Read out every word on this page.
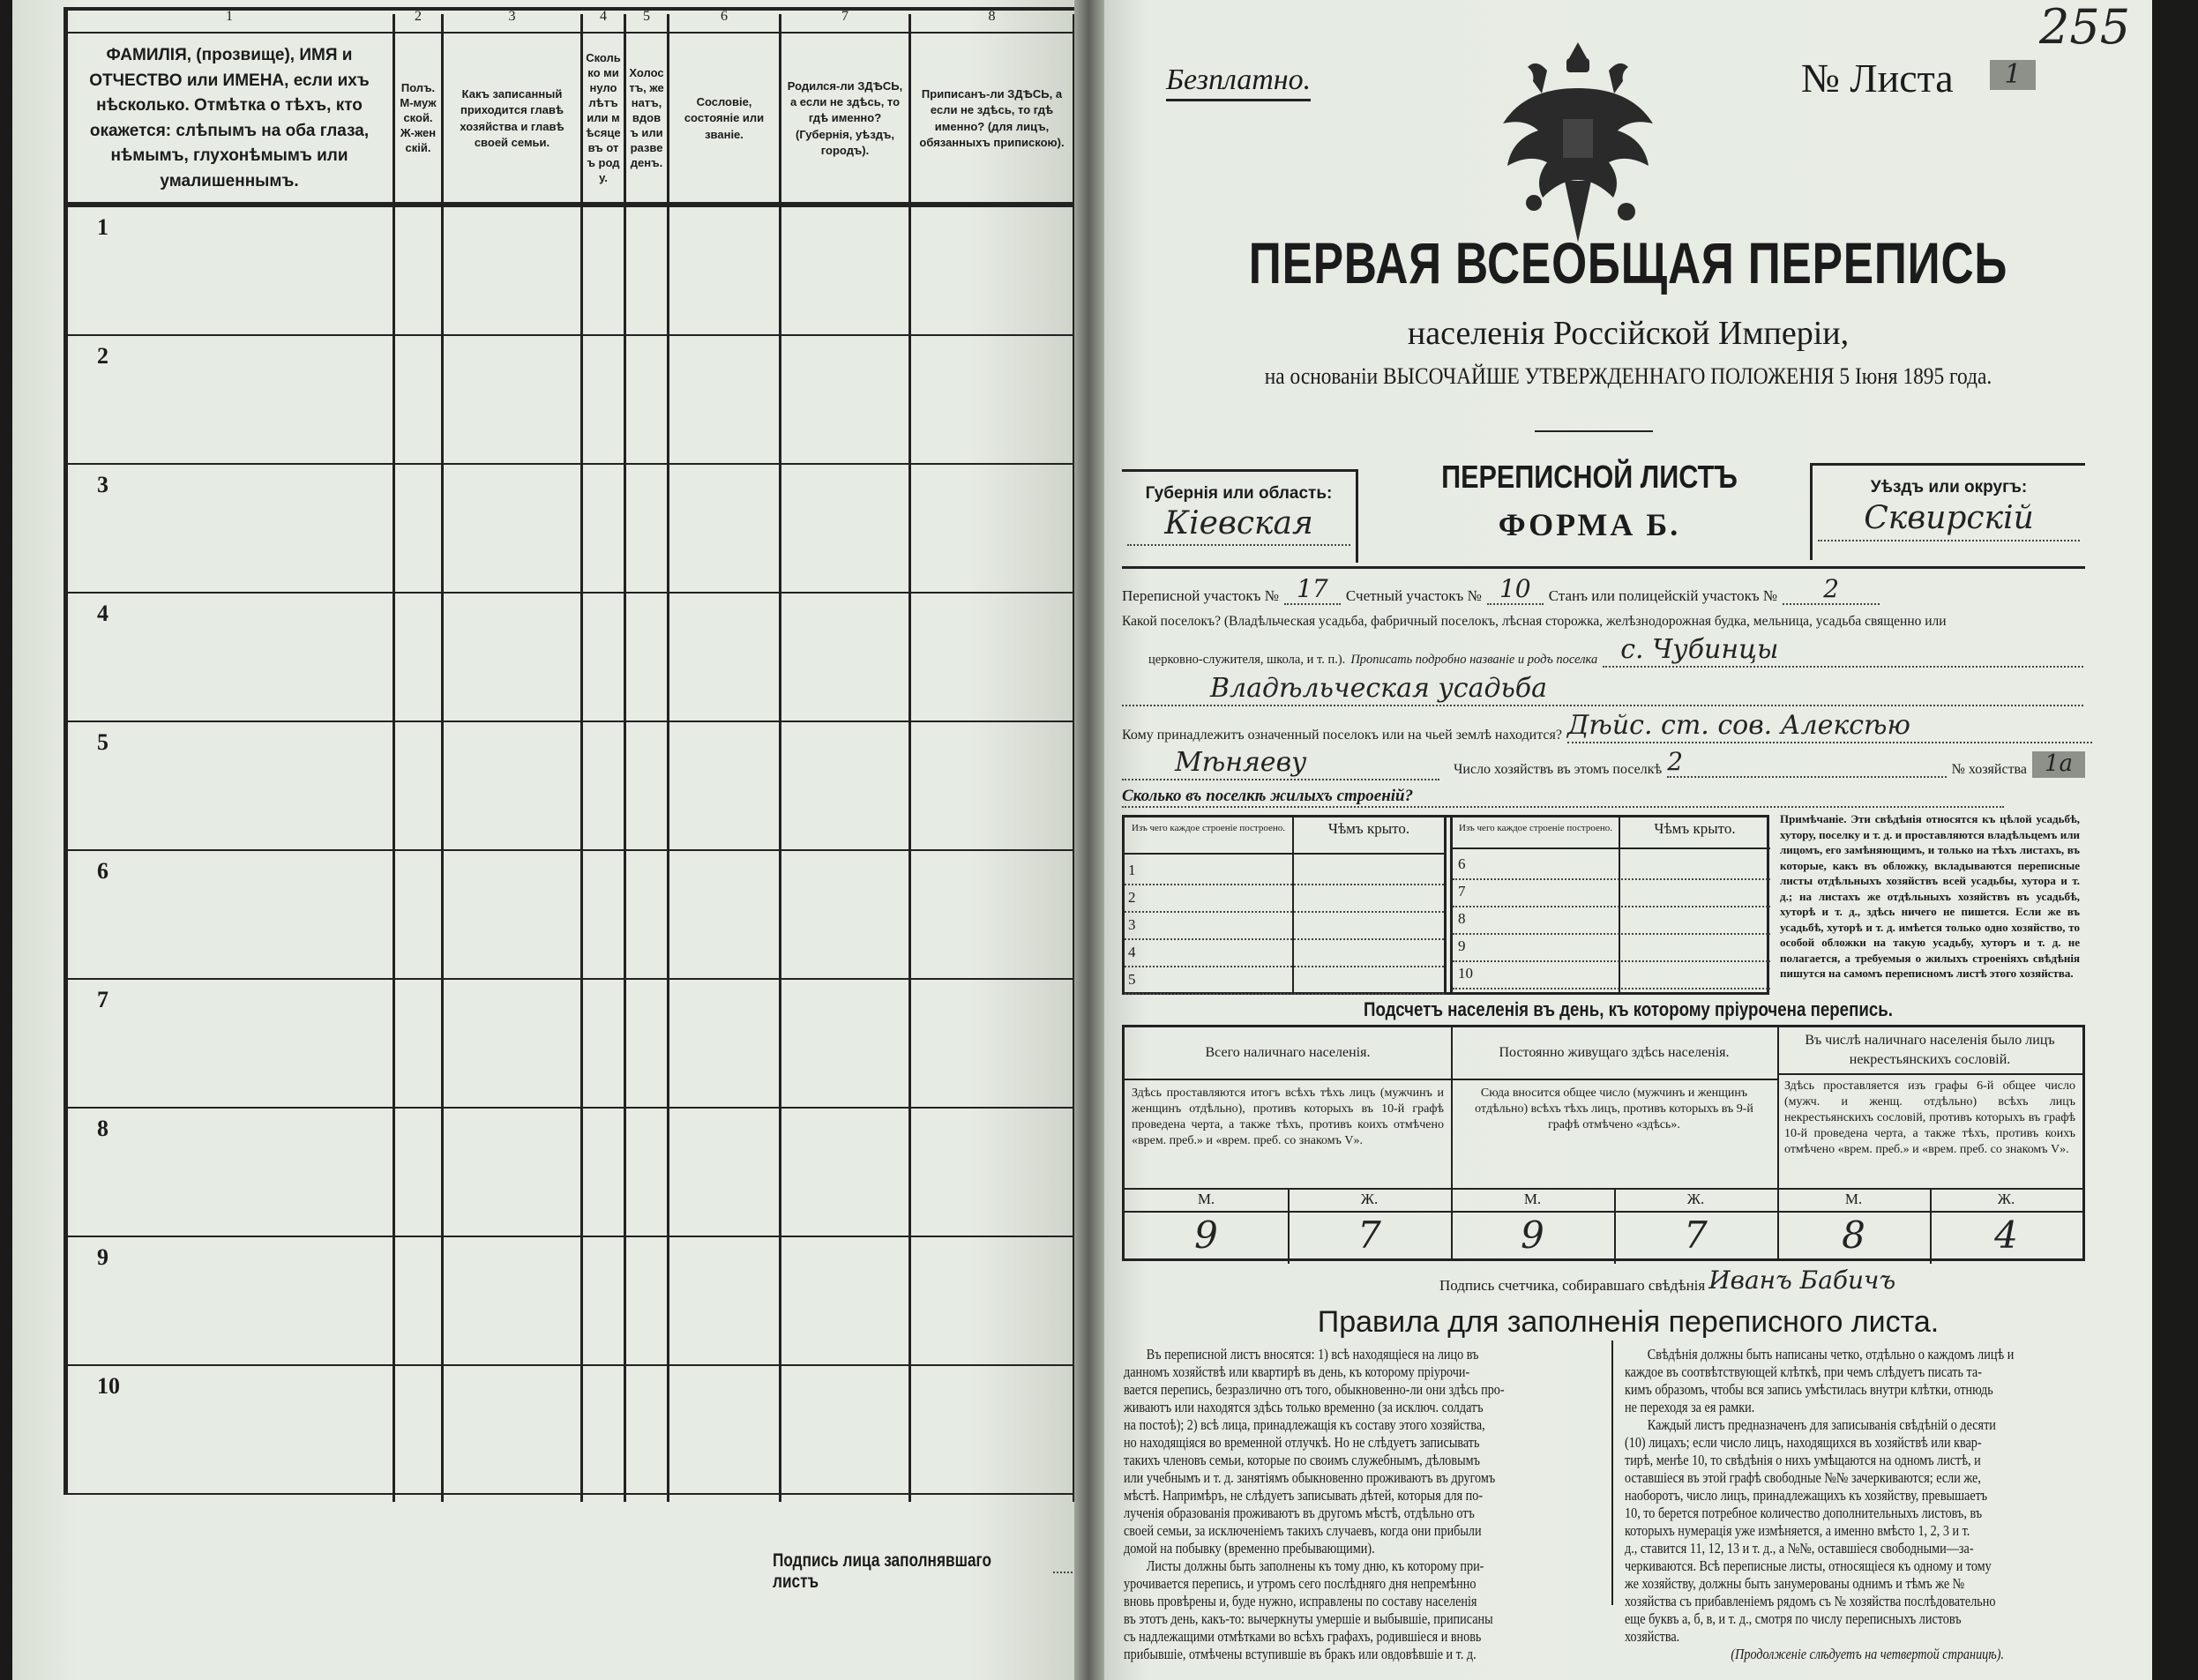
1
ФАМИЛІЯ, (прозвище), ИМЯ и ОТЧЕСТВО или ИМЕНА, если ихъ нѣсколько. Отмѣтка о тѣхъ, кто окажется: слѣпымъ на оба глаза, нѣмымъ, глухонѣмымъ или умалишеннымъ.
2
Полъ. М-мужской. Ж-женскій.
3
Какъ записанный приходится главѣ хозяйства и главѣ своей семьи.
4
Сколько минуло лѣтъ или мѣсяцевъ отъ роду.
5
Холостъ, женатъ, вдовъ или разведенъ.
6
Сословіе, состояніе или званіе.
7
Родился-ли ЗДѢСЬ, а если не здѣсь, то гдѣ именно? (Губернія, уѣздъ, городъ).
8
Приписанъ-ли ЗДѢСЬ, а если не здѣсь, то гдѣ именно? (для лицъ, обязанныхъ припискою).
1
2
3
4
5
6
7
8
9
10
Подпись лица заполнявшаго листъ
255
Безплатно.	№ Листа	1
ПЕРВАЯ ВСЕОБЩАЯ ПЕРЕПИСЬ
населенія Россійской Имперіи,
на основаніи ВЫСОЧАЙШЕ УТВЕРЖДЕННАГО ПОЛОЖЕНІЯ 5 Іюня 1895 года.
Губернія или область:
Кіевская
ПЕРЕПИСНОЙ ЛИСТЪ
ФОРМА Б.
Уѣздъ или округъ:
Сквирскій
Переписной участокъ № 17	Счетный участокъ № 10	Станъ или полицейскій участокъ №	2
Какой поселокъ? (Владѣльческая усадьба, фабричный поселокъ, лѣсная сторожка, желѣзнодорожная будка, мельница, усадьба священно или
церковно-служителя, школа, и т. п.). Прописать подробно названіе и родъ поселка с. Чубинцы
Владѣльческая усадьба
Кому принадлежитъ означенный поселокъ или на чьей землѣ находится? Дѣйс. ст. сов. Алексѣю
Мѣняеву	Число хозяйствъ въ этомъ поселкѣ 2	№ хозяйства 1а
Сколько въ поселкѣ жилыхъ строеній?
Изъ чего каждое строеніе построено.	Чѣмъ крыто.	Изъ чего каждое строеніе построено.	Чѣмъ крыто.
1	6
2	7
3	8
4	9
5	10
Примѣчаніе. Эти свѣдѣнія относятся къ цѣлой усадьбѣ, хутору, поселку и т. д. и проставляются владѣльцемъ или лицомъ, его замѣняющимъ, и только на тѣхъ листахъ, въ которые, какъ въ обложку, вкладываются переписные листы отдѣльныхъ хозяйствъ всей усадьбы, хутора и т. д.; на листахъ же отдѣльныхъ хозяйствъ въ усадьбѣ, хуторѣ и т. д., здѣсь ничего не пишется. Если же въ усадьбѣ, хуторѣ и т. д. имѣется только одно хозяйство, то особой обложки на такую усадьбу, хуторъ и т. д. не полагается, а требуемыя о жилыхъ строеніяхъ свѣдѣнія пишутся на самомъ переписномъ листѣ этого хозяйства.
Подсчетъ населенія въ день, къ которому пріурочена перепись.
Всего наличнаго населенія.
Здѣсь проставляются итогъ всѣхъ тѣхъ лицъ (мужчинъ и женщинъ отдѣльно), противъ которыхъ въ 10-й графѣ проведена черта, а также тѣхъ, противъ коихъ отмѣчено «врем. преб.» и «врем. преб. со знакомъ V».
М.	Ж.
9	7
Постоянно живущаго здѣсь населенія.
Сюда вносится общее число (мужчинъ и женщинъ отдѣльно) всѣхъ тѣхъ лицъ, противъ которыхъ въ 9-й графѣ отмѣчено «здѣсь».
М.	Ж.
9	7
Въ числѣ наличнаго населенія было лицъ некрестьянскихъ сословій.
Здѣсь проставляется изъ графы 6-й общее число (мужч. и женщ. отдѣльно) всѣхъ лицъ некрестьянскихъ сословій, противъ которыхъ въ графѣ 10-й проведена черта, а также тѣхъ, противъ коихъ отмѣчено «врем. преб.» и «врем. преб. со знакомъ V».
М.	Ж.
8	4
Подпись счетчика, собиравшаго свѣдѣнія Иванъ Бабичъ
Правила для заполненія переписного листа.
Въ переписной листъ вносятся: 1) всѣ находящіеся на лицо въ
данномъ хозяйствѣ или квартирѣ въ день, къ которому пріурочи-
вается перепись, безразлично отъ того, обыкновенно-ли они здѣсь про-
живаютъ или находятся здѣсь только временно (за исключ. солдатъ
на постоѣ); 2) всѣ лица, принадлежащія къ составу этого хозяйства,
но находящіяся во временной отлучкѣ. Но не слѣдуетъ записывать
такихъ членовъ семьи, которые по своимъ служебнымъ, дѣловымъ
или учебнымъ и т. д. занятіямъ обыкновенно проживаютъ въ другомъ
мѣстѣ. Напримѣръ, не слѣдуетъ записывать дѣтей, которыя для по-
лученія образованія проживаютъ въ другомъ мѣстѣ, отдѣльно отъ
своей семьи, за исключеніемъ такихъ случаевъ, когда они прибыли
домой на побывку (временно пребывающими).
Листы должны быть заполнены къ тому дню, къ которому при-
урочивается перепись, и утромъ сего послѣдняго дня непремѣнно
вновь провѣрены и, буде нужно, исправлены по составу населенія
въ этотъ день, какъ-то: вычеркнуты умершіе и выбывшіе, приписаны
съ надлежащими отмѣтками во всѣхъ графахъ, родившіеся и вновь
прибывшіе, отмѣчены вступившіе въ бракъ или овдовѣвшіе и т. д.
Свѣдѣнія должны быть написаны четко, отдѣльно о каждомъ лицѣ и
каждое въ соотвѣтствующей клѣткѣ, при чемъ слѣдуетъ писать та-
кимъ образомъ, чтобы вся запись умѣстилась внутри клѣтки, отнюдь
не переходя за ея рамки.
Каждый листъ предназначенъ для записыванія свѣдѣній о десяти
(10) лицахъ; если число лицъ, находящихся въ хозяйствѣ или квар-
тирѣ, менѣе 10, то свѣдѣнія о нихъ умѣщаются на одномъ листѣ, и
оставшіеся въ этой графѣ свободные №№ зачеркиваются; если же,
наоборотъ, число лицъ, принадлежащихъ къ хозяйству, превышаетъ
10, то берется потребное количество дополнительныхъ листовъ, въ
которыхъ нумерація уже измѣняется, а именно вмѣсто 1, 2, 3 и т.
д., ставится 11, 12, 13 и т. д., а №№, оставшіеся свободными—за-
черкиваются. Всѣ переписные листы, относящіеся къ одному и тому
же хозяйству, должны быть занумерованы однимъ и тѣмъ же №
хозяйства съ прибавленіемъ рядомъ съ № хозяйства послѣдовательно
еще буквъ а, б, в, и т. д., смотря по числу переписныхъ листовъ
хозяйства.
(Продолженіе слѣдуетъ на четвертой страницѣ).
